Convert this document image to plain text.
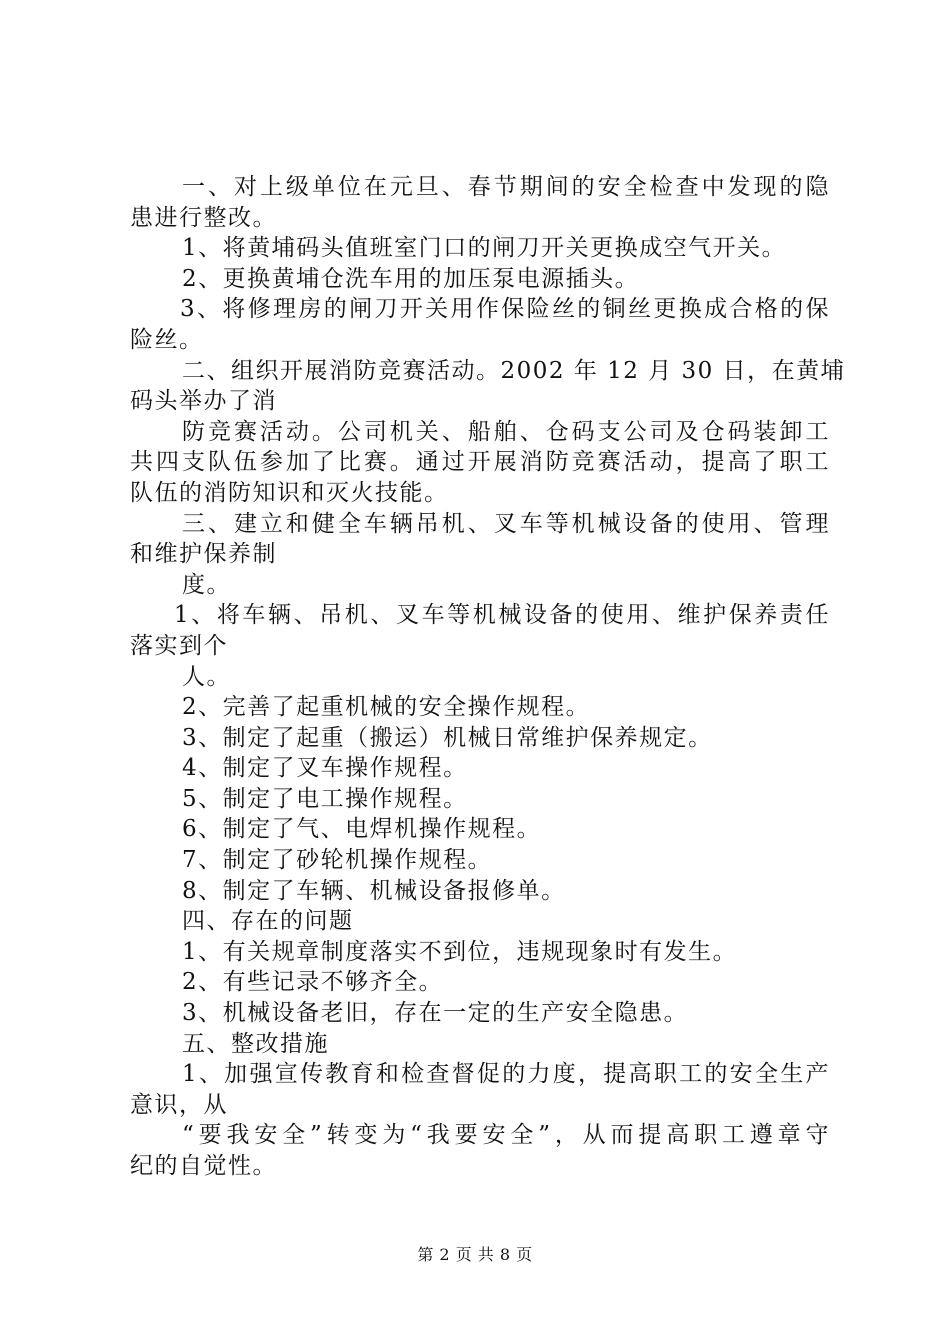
一、对上级单位在元旦、春节期间的安全检查中发现的隐
患进行整改。
1、将黄埔码头值班室门口的闸刀开关更换成空气开关。
2、更换黄埔仓洗车用的加压泵电源插头。
3、将修理房的闸刀开关用作保险丝的铜丝更换成合格的保
险丝。
二、组织开展消防竞赛活动。2002 年 12 月 30 日，在黄埔
码头举办了消
防竞赛活动。公司机关、船舶、仓码支公司及仓码装卸工
共四支队伍参加了比赛。通过开展消防竞赛活动，提高了职工
队伍的消防知识和灭火技能。
三、建立和健全车辆吊机、叉车等机械设备的使用、管理
和维护保养制
度。
1、将车辆、吊机、叉车等机械设备的使用、维护保养责任
落实到个
人。
2、完善了起重机械的安全操作规程。
3、制定了起重（搬运）机械日常维护保养规定。
4、制定了叉车操作规程。
5、制定了电工操作规程。
6、制定了气、电焊机操作规程。
7、制定了砂轮机操作规程。
8、制定了车辆、机械设备报修单。
四、存在的问题
1、有关规章制度落实不到位，违规现象时有发生。
2、有些记录不够齐全。
3、机械设备老旧，存在一定的生产安全隐患。
五、整改措施
1、加强宣传教育和检查督促的力度，提高职工的安全生产
意识，从
“要我安全”转变为“我要安全”，从而提高职工遵章守
纪的自觉性。
第 2 页 共 8 页
